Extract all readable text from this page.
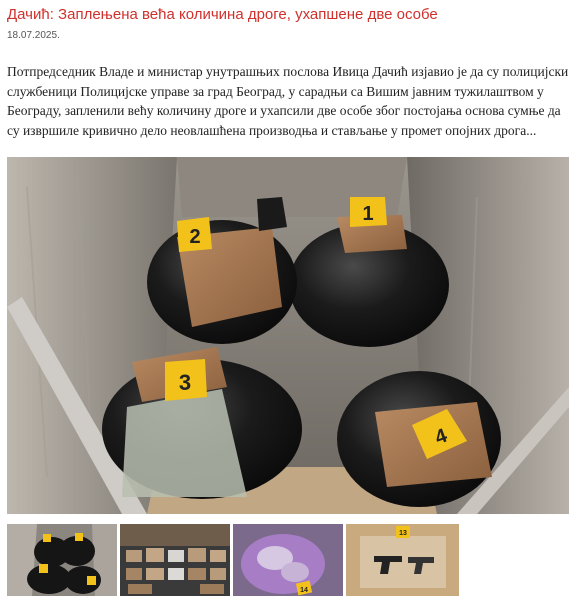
Дачић: Заплењена већа количина дроге, ухапшене две особе
18.07.2025.

Потпредседник Владе и министар унутрашњих послова Ивица Дачић изјавио је да су полицијски службеници Полицијске управе за град Београд, у сарадњи са Вишим јавним тужилаштвом у Београду, запленили већу количину дроге и ухапсили две особе због постојања основа сумње да су извршиле кривично дело неовлашћена производња и стављање у промет опојних дрога...

1
2
3
4
14
13
